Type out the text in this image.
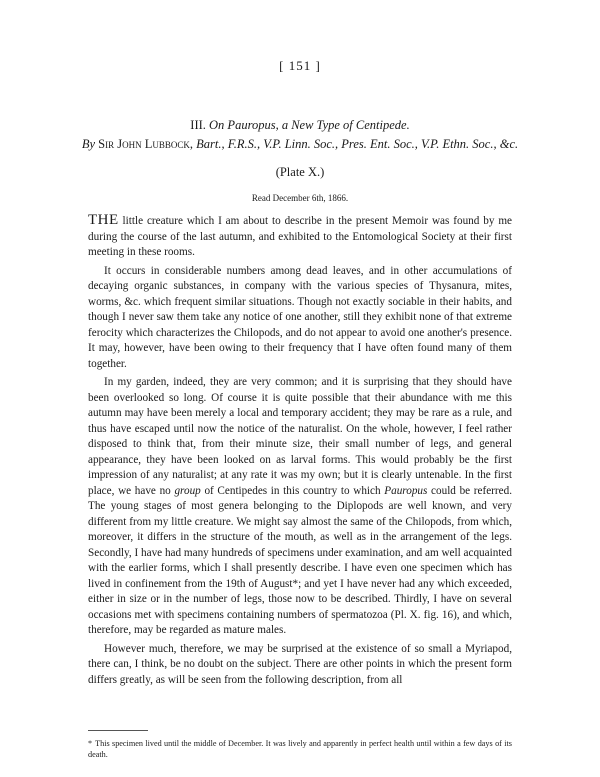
[ 151 ]
III. On Pauropus, a New Type of Centipede.
By Sir John Lubbock, Bart., F.R.S., V.P. Linn. Soc., Pres. Ent. Soc., V.P. Ethn. Soc., &c.
(Plate X.)
Read December 6th, 1866.

THE little creature which I am about to describe in the present Memoir was found by me during the course of the last autumn, and exhibited to the Entomological Society at their first meeting in these rooms.

It occurs in considerable numbers among dead leaves, and in other accumulations of decaying organic substances, in company with the various species of Thysanura, mites, worms, &c. which frequent similar situations. Though not exactly sociable in their habits, and though I never saw them take any notice of one another, still they exhibit none of that extreme ferocity which characterizes the Chilopods, and do not appear to avoid one another's presence. It may, however, have been owing to their frequency that I have often found many of them together.

In my garden, indeed, they are very common; and it is surprising that they should have been overlooked so long. Of course it is quite possible that their abundance with me this autumn may have been merely a local and temporary accident; they may be rare as a rule, and thus have escaped until now the notice of the naturalist. On the whole, however, I feel rather disposed to think that, from their minute size, their small number of legs, and general appearance, they have been looked on as larval forms. This would probably be the first impression of any naturalist; at any rate it was my own; but it is clearly untenable. In the first place, we have no group of Centipedes in this country to which Pauropus could be referred. The young stages of most genera belonging to the Diplopods are well known, and very different from my little creature. We might say almost the same of the Chilopods, from which, moreover, it differs in the structure of the mouth, as well as in the arrangement of the legs. Secondly, I have had many hundreds of specimens under examination, and am well acquainted with the earlier forms, which I shall presently describe. I have even one specimen which has lived in confinement from the 19th of August*; and yet I have never had any which exceeded, either in size or in the number of legs, those now to be described. Thirdly, I have on several occasions met with specimens containing numbers of spermatozoa (Pl. X. fig. 16), and which, therefore, may be regarded as mature males.

However much, therefore, we may be surprised at the existence of so small a Myriapod, there can, I think, be no doubt on the subject. There are other points in which the present form differs greatly, as will be seen from the following description, from all

* This specimen lived until the middle of December. It was lively and apparently in perfect health until within a few days of its death.
